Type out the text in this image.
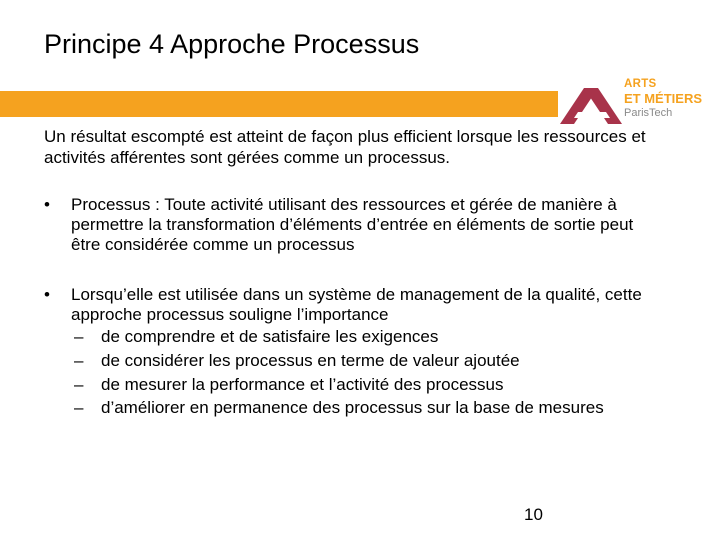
Principe 4 Approche Processus
ARTS
ET MÉTIERS
ParisTech

Un résultat escompté est atteint de façon plus efficient lorsque les ressources et activités afférentes sont gérées comme un processus.

• Processus : Toute activité utilisant des ressources et gérée de manière à permettre la transformation d’éléments d’entrée en éléments de sortie peut être considérée comme un processus
• Lorsqu’elle est utilisée dans un système de management de la qualité, cette approche processus souligne l’importance
– de comprendre et de satisfaire les exigences
– de considérer les processus en terme de valeur ajoutée
– de mesurer la performance et l’activité des processus
– d’améliorer en permanence des processus sur la base de mesures
10
